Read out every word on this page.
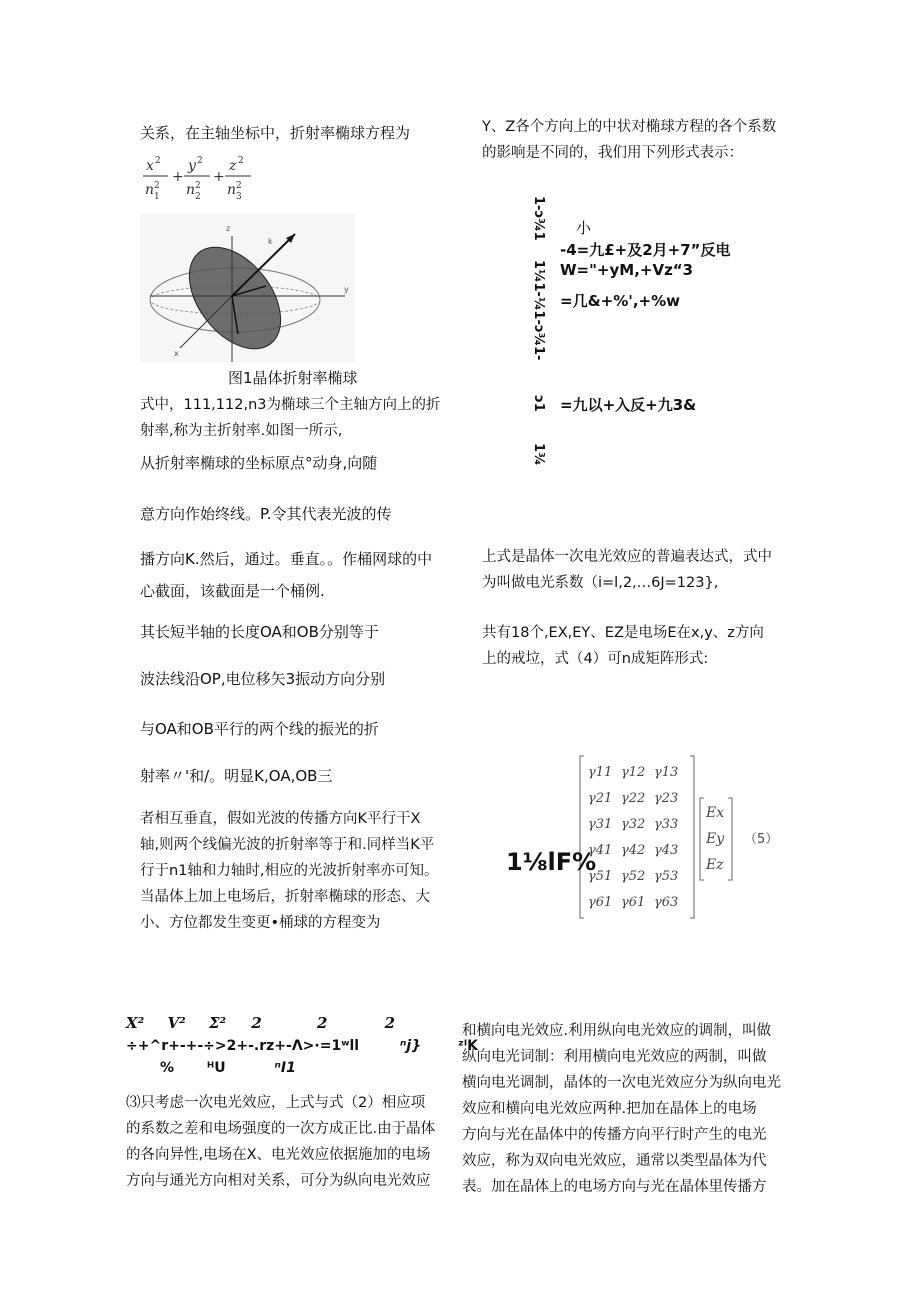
关系，在主轴坐标中，折射率椭球方程为
x 2
n 1
2
+
y 2
n 2
2
+
z 2
n 3
2
z
y
x
k
图1晶体折射率椭球
式中，111,112,n3为椭球三个主轴方向上的折
射率,称为主折射率.如图一所示,
从折射率椭球的坐标原点°动身,向随
意方向作始终线。P.令其代表光波的传
播方向K.然后，通过。垂直。。作桶网球的中
心截面，该截面是一个桶例.
其长短半轴的长度OA和OB分别等于
波法线沿OP,电位移矢3振动方向分别
与OA和OB平行的两个线的振光的折
射率〃'和/。明显K,OA,OB三
者相互垂直，假如光波的传播方向K平行干X
轴,则两个线偏光波的折射率等于和.同样当K平
行于n1轴和力轴时,相应的光波折射率亦可知。
当晶体上加上电场后，折射率椭球的形态、大
小、方位都发生变更•桶球的方程变为
X² V² Σ² 2	2	2
÷+^r+-+-÷>2+-.rz+-Λ>·=1ʷll	ⁿj}	ᶻᴵK
% ᴴU	ⁿI1
⑶只考虑一次电光效应，上式与式（2）相应项
的系数之差和电场强度的一次方成正比.由于晶体
的各向异性,电场在X、电光效应依据施加的电场
方向与通光方向相对关系，可分为纵向电光效应
Y、Z各个方向上的中状对椭球方程的各个系数
的影响是不同的，我们用下列形式表示：
1-ɔ¾1
1¼1-¼1-ɔ¾1-
ɔ1
1¾
小
-4=九£+及2月+7”反电
W="+yM,+Vz“3
=几&+%',+%w
=九以+入反+九3&
上式是晶体一次电光效应的普遍表达式，式中
为叫做电光系数（i=l,2,…6J=123},
共有18个,EX,EY、EZ是电场E在x,y、z方向
上的戒垃，式（4）可n成矩阵形式:
γ11 γ12 γ13
γ21 γ22 γ23
γ31 γ32 γ33
γ41 γ42 γ43
γ51 γ52 γ53
γ61 γ61 γ63
Ex
Ey
Ez
（5）
1⅛lF%
和横向电光效应.利用纵向电光效应的调制，叫做
纵向电光词制：利用横向电光效应的两制，叫做
横向电光调制，晶体的一次电光效应分为纵向电光
效应和横向电光效应两种.把加在晶体上的电场
方向与光在晶体中的传播方向平行时产生的电光
效应，称为双向电光效应，通常以类型晶体为代
表。加在晶体上的电场方向与光在晶体里传播方
